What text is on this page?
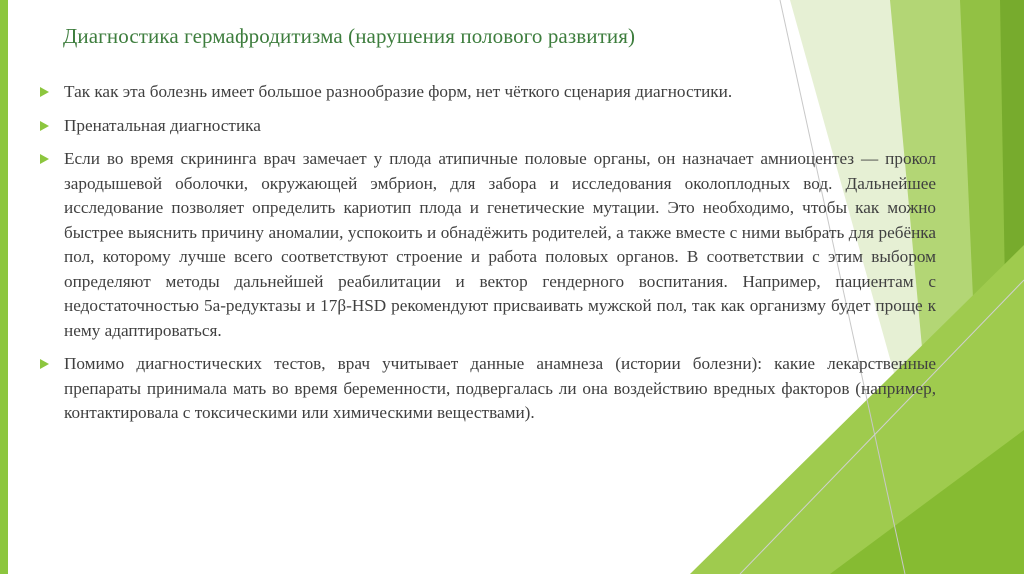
Диагностика гермафродитизма (нарушения полового развития)
Так как эта болезнь имеет большое разнообразие форм, нет чёткого сценария диагностики.
Пренатальная диагностика
Если во время скрининга врач замечает у плода атипичные половые органы, он назначает амниоцентез — прокол зародышевой оболочки, окружающей эмбрион, для забора и исследования околоплодных вод. Дальнейшее исследование позволяет определить кариотип плода и генетические мутации. Это необходимо, чтобы как можно быстрее выяснить причину аномалии, успокоить и обнадёжить родителей, а также вместе с ними выбрать для ребёнка пол, которому лучше всего соответствуют строение и работа половых органов. В соответствии с этим выбором определяют методы дальнейшей реабилитации и вектор гендерного воспитания. Например, пациентам с недостаточностью 5а-редуктазы и 17β-HSD рекомендуют присваивать мужской пол, так как организму будет проще к нему адаптироваться.
Помимо диагностических тестов, врач учитывает данные анамнеза (истории болезни): какие лекарственные препараты принимала мать во время беременности, подвергалась ли она воздействию вредных факторов (например, контактировала с токсическими или химическими веществами).
